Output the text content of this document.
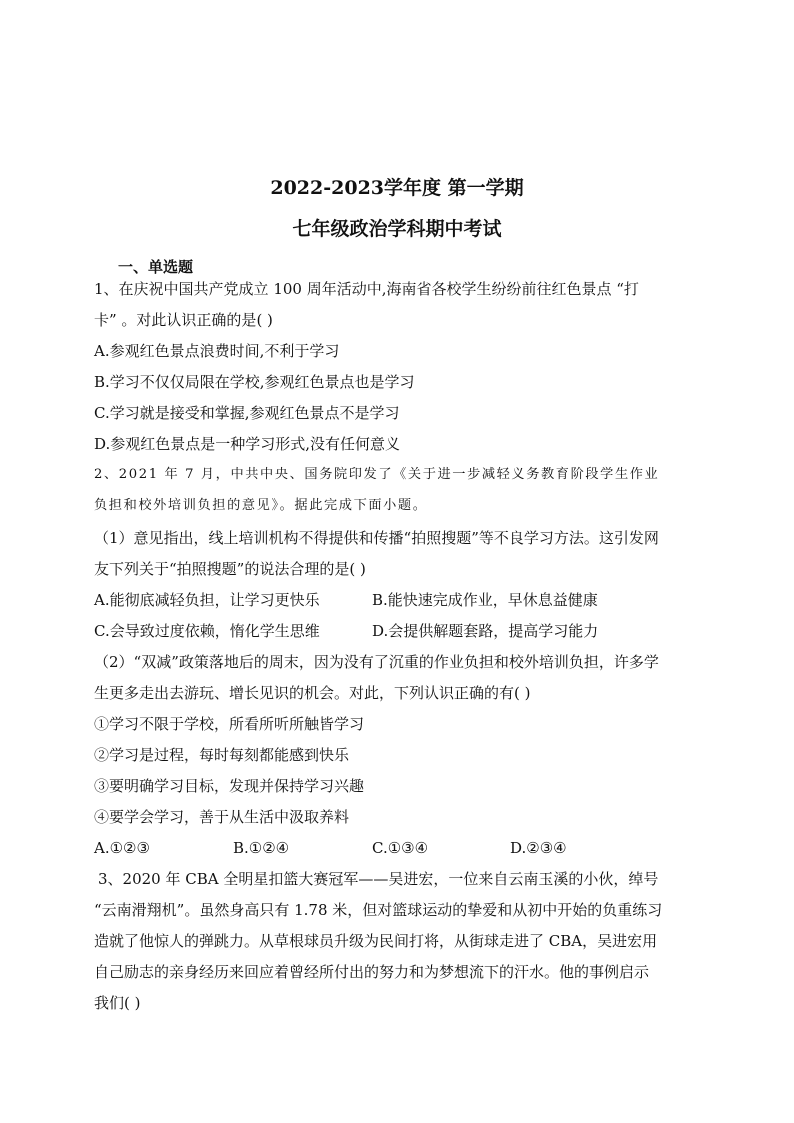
2022-2023学年度 第一学期
七年级政治学科期中考试
一、单选题
1、在庆祝中国共产党成立 100 周年活动中,海南省各校学生纷纷前往红色景点 “打
卡” 。对此认识正确的是( )
A.参观红色景点浪费时间,不利于学习
B.学习不仅仅局限在学校,参观红色景点也是学习
C.学习就是接受和掌握,参观红色景点不是学习
D.参观红色景点是一种学习形式,没有任何意义
2、2021 年 7 月，中共中央、国务院印发了《关于进一步减轻义务教育阶段学生作业
负担和校外培训负担的意见》。据此完成下面小题。
（1）意见指出，线上培训机构不得提供和传播“拍照搜题”等不良学习方法。这引发网
友下列关于“拍照搜题”的说法合理的是( )
A.能彻底减轻负担，让学习更快乐	B.能快速完成作业，早休息益健康
C.会导致过度依赖，惰化学生思维	D.会提供解题套路，提高学习能力
（2）“双减”政策落地后的周末，因为没有了沉重的作业负担和校外培训负担，许多学
生更多走出去游玩、增长见识的机会。对此，下列认识正确的有( )
①学习不限于学校，所看所听所触皆学习
②学习是过程，每时每刻都能感到快乐
③要明确学习目标，发现并保持学习兴趣
④要学会学习，善于从生活中汲取养料
A.①②③	B.①②④	C.①③④	D.②③④
3、2020 年 CBA 全明星扣篮大赛冠军——吴进宏，一位来自云南玉溪的小伙，绰号
“云南滑翔机”。虽然身高只有 1.78 米，但对篮球运动的挚爱和从初中开始的负重练习
造就了他惊人的弹跳力。从草根球员升级为民间打将，从街球走进了 CBA，吴进宏用
自己励志的亲身经历来回应着曾经所付出的努力和为梦想流下的汗水。他的事例启示
我们( )
